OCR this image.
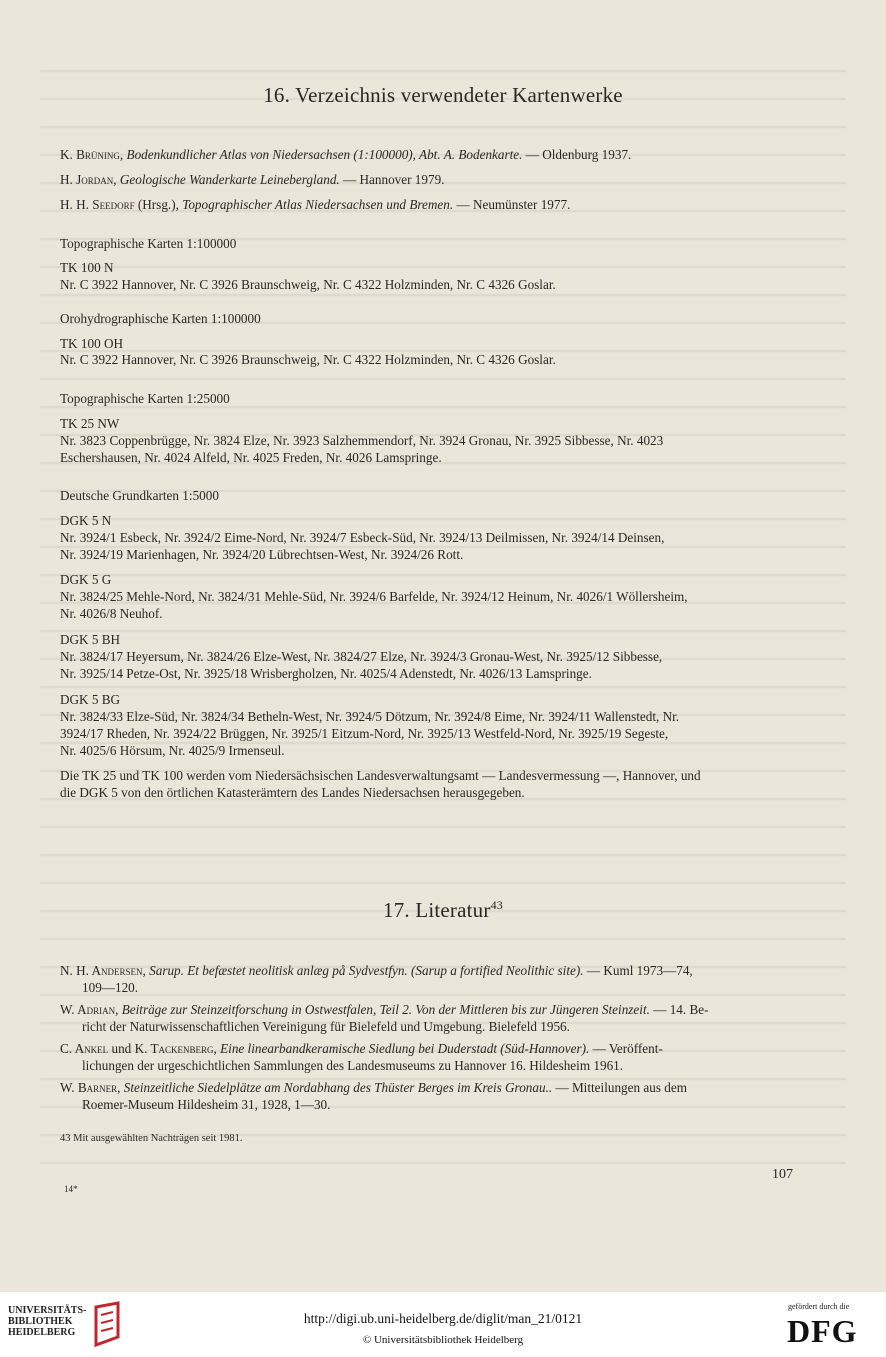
16. Verzeichnis verwendeter Kartenwerke
K. Brüning, Bodenkundlicher Atlas von Niedersachsen (1:100000), Abt. A. Bodenkarte. — Oldenburg 1937.
H. Jordan, Geologische Wanderkarte Leinebergland. — Hannover 1979.
H. H. Seedorf (Hrsg.), Topographischer Atlas Niedersachsen und Bremen. — Neumünster 1977.
Topographische Karten 1:100000
TK 100 N
Nr. C 3922 Hannover, Nr. C 3926 Braunschweig, Nr. C 4322 Holzminden, Nr. C 4326 Goslar.
Orohydrographische Karten 1:100000
TK 100 OH
Nr. C 3922 Hannover, Nr. C 3926 Braunschweig, Nr. C 4322 Holzminden, Nr. C 4326 Goslar.
Topographische Karten 1:25000
TK 25 NW
Nr. 3823 Coppenbrügge, Nr. 3824 Elze, Nr. 3923 Salzhemmendorf, Nr. 3924 Gronau, Nr. 3925 Sibbesse, Nr. 4023
Eschershausen, Nr. 4024 Alfeld, Nr. 4025 Freden, Nr. 4026 Lamspringe.
Deutsche Grundkarten 1:5000
DGK 5 N
Nr. 3924/1 Esbeck, Nr. 3924/2 Eime-Nord, Nr. 3924/7 Esbeck-Süd, Nr. 3924/13 Deilmissen, Nr. 3924/14 Deinsen,
Nr. 3924/19 Marienhagen, Nr. 3924/20 Lübrechtsen-West, Nr. 3924/26 Rott.
DGK 5 G
Nr. 3824/25 Mehle-Nord, Nr. 3824/31 Mehle-Süd, Nr. 3924/6 Barfelde, Nr. 3924/12 Heinum, Nr. 4026/1 Wöllersheim,
Nr. 4026/8 Neuhof.
DGK 5 BH
Nr. 3824/17 Heyersum, Nr. 3824/26 Elze-West, Nr. 3824/27 Elze, Nr. 3924/3 Gronau-West, Nr. 3925/12 Sibbesse,
Nr. 3925/14 Petze-Ost, Nr. 3925/18 Wrisbergholzen, Nr. 4025/4 Adenstedt, Nr. 4026/13 Lamspringe.
DGK 5 BG
Nr. 3824/33 Elze-Süd, Nr. 3824/34 Betheln-West, Nr. 3924/5 Dötzum, Nr. 3924/8 Eime, Nr. 3924/11 Wallenstedt, Nr.
3924/17 Rheden, Nr. 3924/22 Brüggen, Nr. 3925/1 Eitzum-Nord, Nr. 3925/13 Westfeld-Nord, Nr. 3925/19 Segeste,
Nr. 4025/6 Hörsum, Nr. 4025/9 Irmenseul.
Die TK 25 und TK 100 werden vom Niedersächsischen Landesverwaltungsamt — Landesvermessung —, Hannover, und
die DGK 5 von den örtlichen Katasterämtern des Landes Niedersachsen herausgegeben.
17. Literatur$^{43}$
N. H. Andersen, Sarup. Et befæstet neolitisk anlæg på Sydvestfyn. (Sarup a fortified Neolithic site). — Kuml 1973—74,
109—120.
W. Adrian, Beiträge zur Steinzeitforschung in Ostwestfalen, Teil 2. Von der Mittleren bis zur Jüngeren Steinzeit. — 14. Be-
richt der Naturwissenschaftlichen Vereinigung für Bielefeld und Umgebung. Bielefeld 1956.
C. Ankel und K. Tackenberg, Eine linearbandkeramische Siedlung bei Duderstadt (Süd-Hannover). — Veröffent-
lichungen der urgeschichtlichen Sammlungen des Landesmuseums zu Hannover 16. Hildesheim 1961.
W. Barner, Steinzeitliche Siedelplätze am Nordabhang des Thüster Berges im Kreis Gronau.. — Mitteilungen aus dem
Roemer-Museum Hildesheim 31, 1928, 1—30.
43 Mit ausgewählten Nachträgen seit 1981.
107
14*
UNIVERSITÄTS-
BIBLIOTHEK
HEIDELBERG
http://digi.ub.uni-heidelberg.de/diglit/man_21/0121
© Universitätsbibliothek Heidelberg
gefördert durch die
DFG
